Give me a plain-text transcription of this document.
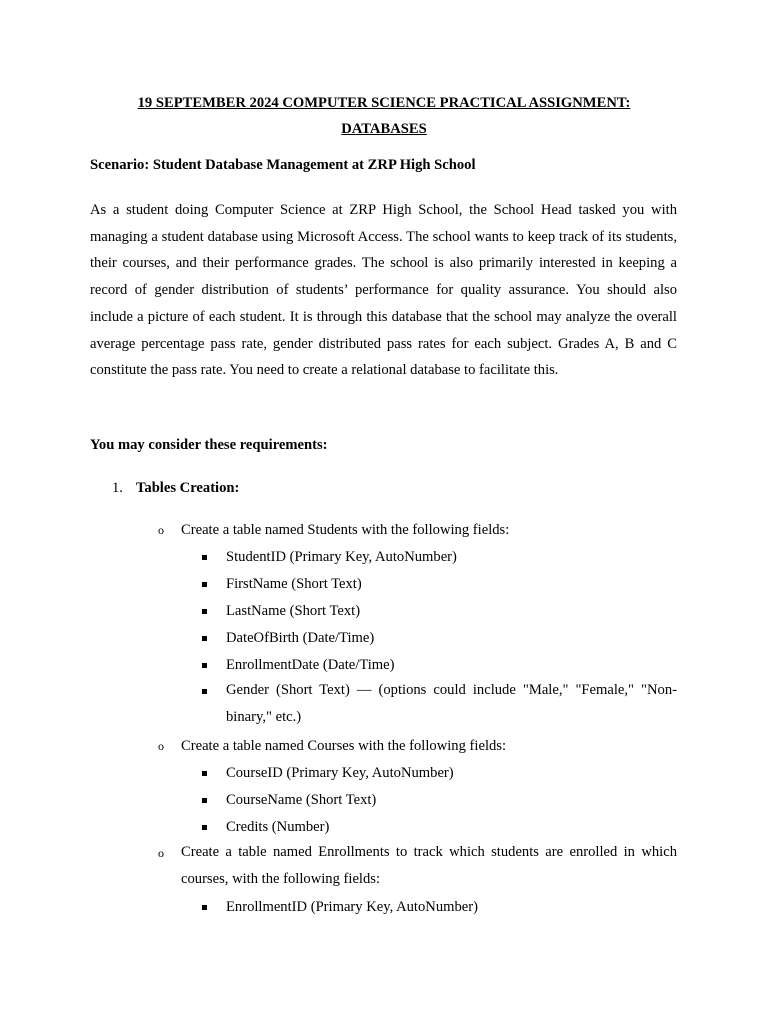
19 SEPTEMBER 2024 COMPUTER SCIENCE PRACTICAL ASSIGNMENT:
DATABASES
Scenario: Student Database Management at ZRP High School

As a student doing Computer Science at ZRP High School, the School Head tasked you with managing a student database using Microsoft Access. The school wants to keep track of its students, their courses, and their performance grades. The school is also primarily interested in keeping a record of gender distribution of students’ performance for quality assurance. You should also include a picture of each student. It is through this database that the school may analyze the overall average percentage pass rate, gender distributed pass rates for each subject. Grades A, B and C constitute the pass rate. You need to create a relational database to facilitate this.

You may consider these requirements:
1. Tables Creation:
o Create a table named Students with the following fields:
StudentID (Primary Key, AutoNumber)
FirstName (Short Text)
LastName (Short Text)
DateOfBirth (Date/Time)
EnrollmentDate (Date/Time)
Gender (Short Text) — (options could include "Male," "Female," "Non-binary," etc.)
o Create a table named Courses with the following fields:
CourseID (Primary Key, AutoNumber)
CourseName (Short Text)
Credits (Number)
o Create a table named Enrollments to track which students are enrolled in which courses, with the following fields:
EnrollmentID (Primary Key, AutoNumber)
